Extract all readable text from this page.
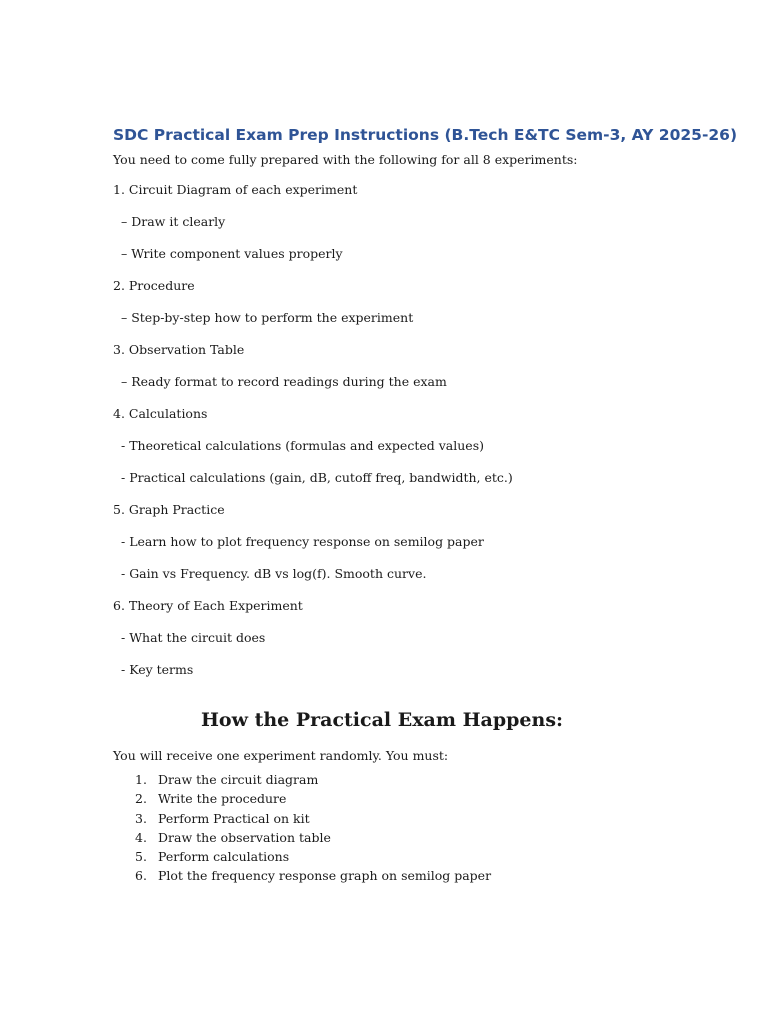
SDC Practical Exam Prep Instructions (B.Tech E&TC Sem-3, AY 2025-26)

You need to come fully prepared with the following for all 8 experiments:

1. Circuit Diagram of each experiment

– Draw it clearly

– Write component values properly

2. Procedure

– Step-by-step how to perform the experiment

3. Observation Table

– Ready format to record readings during the exam

4. Calculations

- Theoretical calculations (formulas and expected values)

- Practical calculations (gain, dB, cutoff freq, bandwidth, etc.)

5. Graph Practice

- Learn how to plot frequency response on semilog paper

- Gain vs Frequency. dB vs log(f). Smooth curve.

6. Theory of Each Experiment

- What the circuit does

- Key terms

How the Practical Exam Happens:

You will receive one experiment randomly. You must:

1. Draw the circuit diagram
2. Write the procedure
3. Perform Practical on kit
4. Draw the observation table
5. Perform calculations
6. Plot the frequency response graph on semilog paper
